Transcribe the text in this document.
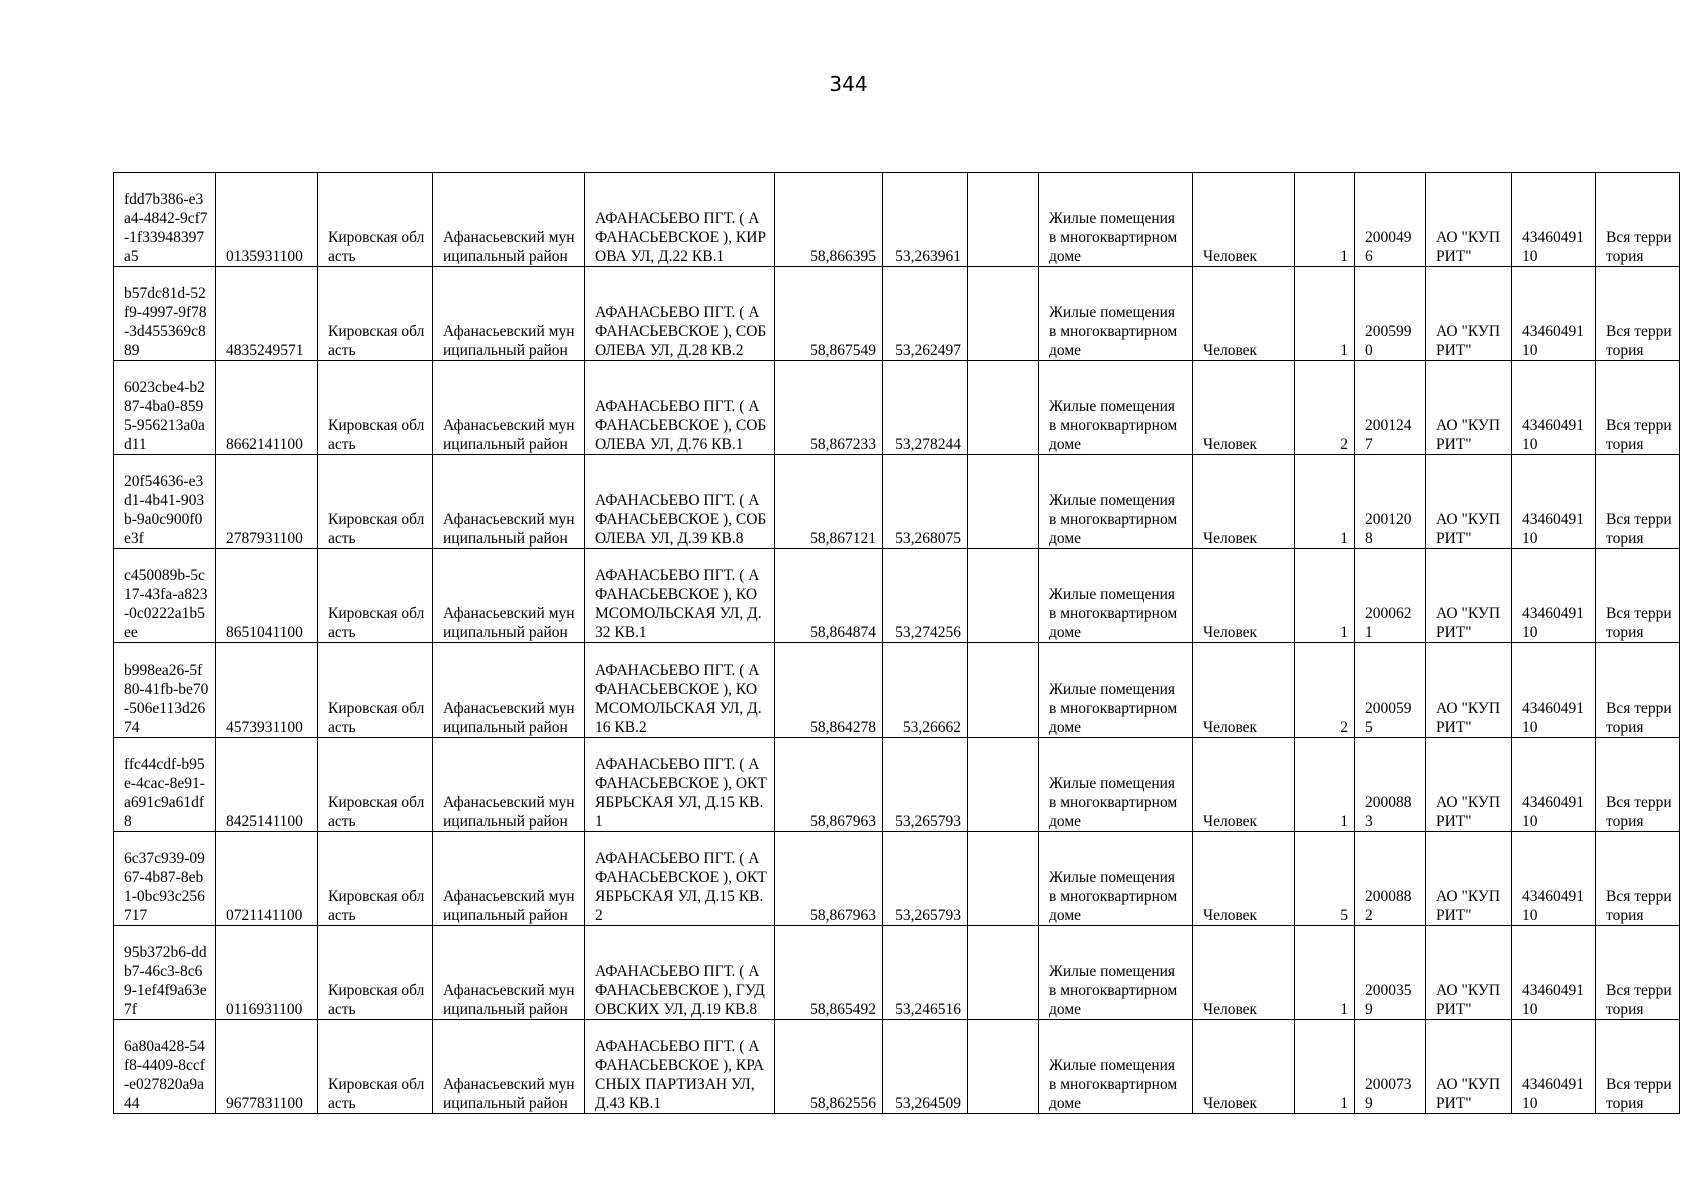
344
fdd7b386-e3a4-4842-9cf7-1f33948397a5	0135931100	Кировская область	Афанасьевский муниципальный район	АФАНАСЬЕВО ПГТ. ( АФАНАСЬЕВСКОЕ ), КИРОВА УЛ, Д.22 КВ.1	58,866395	53,263961		Жилые помещения в многоквартирном доме	Человек	1	2000496	АО "КУПРИТ"	4346049110	Вся территория
b57dc81d-52f9-4997-9f78-3d455369c889	4835249571	Кировская область	Афанасьевский муниципальный район	АФАНАСЬЕВО ПГТ. ( АФАНАСЬЕВСКОЕ ), СОБОЛЕВА УЛ, Д.28 КВ.2	58,867549	53,262497		Жилые помещения в многоквартирном доме	Человек	1	2005990	АО "КУПРИТ"	4346049110	Вся территория
6023cbe4-b287-4ba0-8595-956213a0ad11	8662141100	Кировская область	Афанасьевский муниципальный район	АФАНАСЬЕВО ПГТ. ( АФАНАСЬЕВСКОЕ ), СОБОЛЕВА УЛ, Д.76 КВ.1	58,867233	53,278244		Жилые помещения в многоквартирном доме	Человек	2	2001247	АО "КУПРИТ"	4346049110	Вся территория
20f54636-e3d1-4b41-903b-9a0c900f0e3f	2787931100	Кировская область	Афанасьевский муниципальный район	АФАНАСЬЕВО ПГТ. ( АФАНАСЬЕВСКОЕ ), СОБОЛЕВА УЛ, Д.39 КВ.8	58,867121	53,268075		Жилые помещения в многоквартирном доме	Человек	1	2001208	АО "КУПРИТ"	4346049110	Вся территория
c450089b-5c17-43fa-a823-0c0222a1b5ee	8651041100	Кировская область	Афанасьевский муниципальный район	АФАНАСЬЕВО ПГТ. ( АФАНАСЬЕВСКОЕ ), КОМСОМОЛЬСКАЯ УЛ, Д.32 КВ.1	58,864874	53,274256		Жилые помещения в многоквартирном доме	Человек	1	2000621	АО "КУПРИТ"	4346049110	Вся территория
b998ea26-5f80-41fb-be70-506e113d2674	4573931100	Кировская область	Афанасьевский муниципальный район	АФАНАСЬЕВО ПГТ. ( АФАНАСЬЕВСКОЕ ), КОМСОМОЛЬСКАЯ УЛ, Д.16 КВ.2	58,864278	53,26662		Жилые помещения в многоквартирном доме	Человек	2	2000595	АО "КУПРИТ"	4346049110	Вся территория
ffc44cdf-b95e-4cac-8e91-a691c9a61df8	8425141100	Кировская область	Афанасьевский муниципальный район	АФАНАСЬЕВО ПГТ. ( АФАНАСЬЕВСКОЕ ), ОКТЯБРЬСКАЯ УЛ, Д.15 КВ.1	58,867963	53,265793		Жилые помещения в многоквартирном доме	Человек	1	2000883	АО "КУПРИТ"	4346049110	Вся территория
6c37c939-0967-4b87-8eb1-0bc93c256717	0721141100	Кировская область	Афанасьевский муниципальный район	АФАНАСЬЕВО ПГТ. ( АФАНАСЬЕВСКОЕ ), ОКТЯБРЬСКАЯ УЛ, Д.15 КВ.2	58,867963	53,265793		Жилые помещения в многоквартирном доме	Человек	5	2000882	АО "КУПРИТ"	4346049110	Вся территория
95b372b6-ddb7-46c3-8c69-1ef4f9a63e7f	0116931100	Кировская область	Афанасьевский муниципальный район	АФАНАСЬЕВО ПГТ. ( АФАНАСЬЕВСКОЕ ), ГУДОВСКИХ УЛ, Д.19 КВ.8	58,865492	53,246516		Жилые помещения в многоквартирном доме	Человек	1	2000359	АО "КУПРИТ"	4346049110	Вся территория
6a80a428-54f8-4409-8ccf-e027820a9a44	9677831100	Кировская область	Афанасьевский муниципальный район	АФАНАСЬЕВО ПГТ. ( АФАНАСЬЕВСКОЕ ), КРАСНЫХ ПАРТИЗАН УЛ, Д.43 КВ.1	58,862556	53,264509		Жилые помещения в многоквартирном доме	Человек	1	2000739	АО "КУПРИТ"	4346049110	Вся территория
